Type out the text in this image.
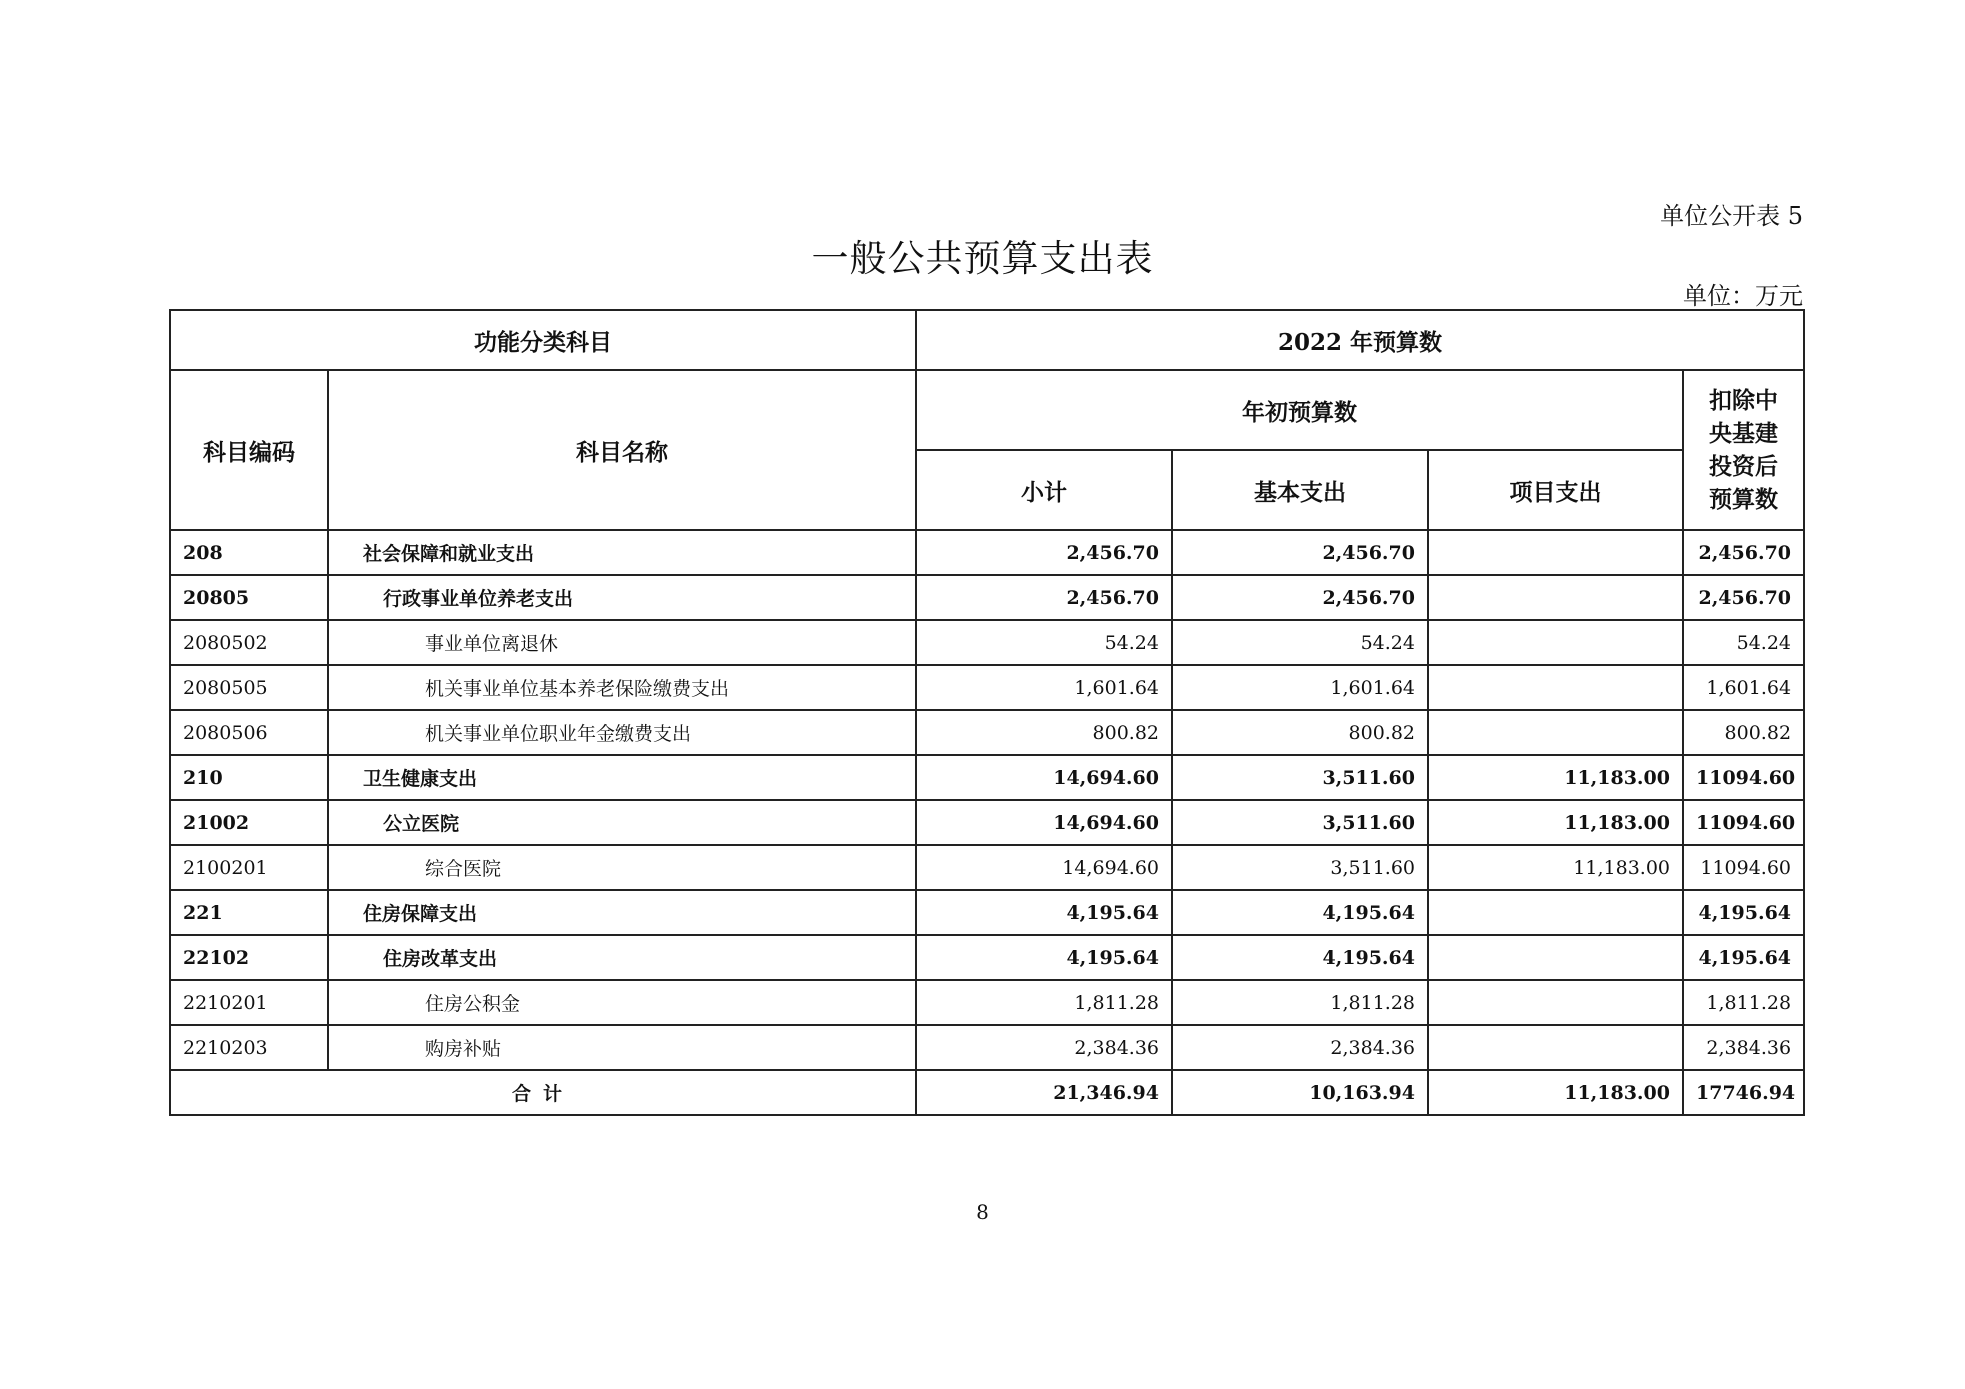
单位公开表 5
一般公共预算支出表
单位：万元
功能分类科目		2022 年预算数			
科目编码	科目名称	年初预算数			扣除中央基建投资后预算数
		小计	基本支出	项目支出	
208	社会保障和就业支出	2,456.70	2,456.70		2,456.70
20805	行政事业单位养老支出	2,456.70	2,456.70		2,456.70
2080502	事业单位离退休	54.24	54.24		54.24
2080505	机关事业单位基本养老保险缴费支出	1,601.64	1,601.64		1,601.64
2080506	机关事业单位职业年金缴费支出	800.82	800.82		800.82
210	卫生健康支出	14,694.60	3,511.60	11,183.00	11094.60
21002	公立医院	14,694.60	3,511.60	11,183.00	11094.60
2100201	综合医院	14,694.60	3,511.60	11,183.00	11094.60
221	住房保障支出	4,195.64	4,195.64		4,195.64
22102	住房改革支出	4,195.64	4,195.64		4,195.64
2210201	住房公积金	1,811.28	1,811.28		1,811.28
2210203	购房补贴	2,384.36	2,384.36		2,384.36
合计		21,346.94	10,163.94	11,183.00	17746.94
8
